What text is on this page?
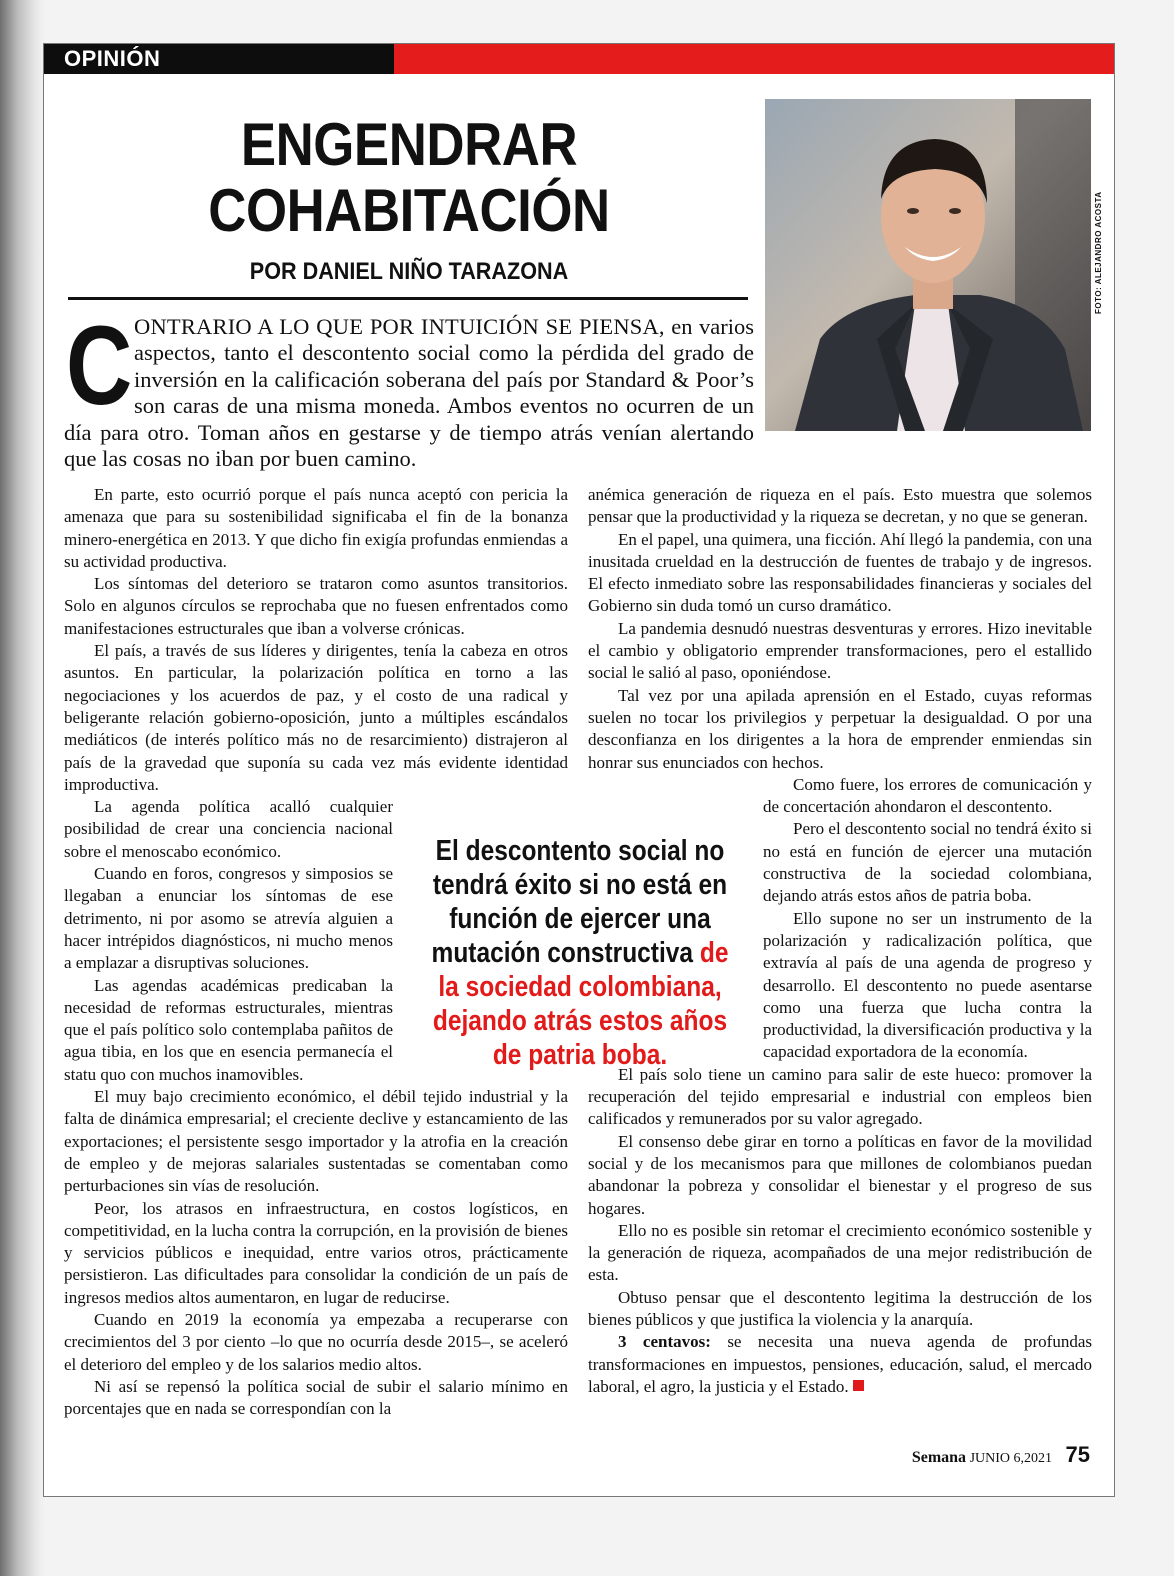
OPINIÓN
ENGENDRAR
COHABITACIÓN
POR DANIEL NIÑO TARAZONA	FOTO: ALEJANDRO ACOSTA
CONTRARIO A LO QUE POR INTUICIÓN SE PIENSA, en varios aspectos, tanto el descontento social como la pérdida del grado de inversión en la calificación soberana del país por Standard & Poor’s son caras de una misma moneda. Ambos eventos no ocurren de un día para otro. Toman años en gestarse y de tiempo atrás venían alertando que las cosas no iban por buen camino.

En parte, esto ocurrió porque el país nunca aceptó con pericia la amenaza que para su sostenibilidad significaba el fin de la bonanza minero-energética en 2013. Y que dicho fin exigía profundas enmiendas a su actividad productiva.

Los síntomas del deterioro se trataron como asuntos transitorios. Solo en algunos círculos se reprochaba que no fuesen enfrentados como manifestaciones estructurales que iban a volverse crónicas.

El país, a través de sus líderes y dirigentes, tenía la cabeza en otros asuntos. En particular, la polarización política en torno a las negociaciones y los acuerdos de paz, y el costo de una radical y beligerante relación gobierno-oposición, junto a múltiples escándalos mediáticos (de interés político más no de resarcimiento) distrajeron al país de la gravedad que suponía su cada vez más evidente identidad improductiva.

La agenda política acalló cualquier posibilidad de crear una conciencia nacional sobre el menoscabo económico.

Cuando en foros, congresos y simposios se llegaban a enunciar los síntomas de ese detrimento, ni por asomo se atrevía alguien a hacer intrépidos diagnósticos, ni mucho menos a emplazar a disruptivas soluciones.

Las agendas académicas predicaban la necesidad de reformas estructurales, mientras que el país político solo contemplaba pañitos de agua tibia, en los que en esencia permanecía el statu quo con muchos inamovibles.

El muy bajo crecimiento económico, el débil tejido industrial y la falta de dinámica empresarial; el creciente declive y estancamiento de las exportaciones; el persistente sesgo importador y la atrofia en la creación de empleo y de mejoras salariales sustentadas se comentaban como perturbaciones sin vías de resolución.

Peor, los atrasos en infraestructura, en costos logísticos, en competitividad, en la lucha contra la corrupción, en la provisión de bienes y servicios públicos e inequidad, entre varios otros, prácticamente persistieron. Las dificultades para consolidar la condición de un país de ingresos medios altos aumentaron, en lugar de reducirse.

Cuando en 2019 la economía ya empezaba a recuperarse con crecimientos del 3 por ciento –lo que no ocurría desde 2015–, se aceleró el deterioro del empleo y de los salarios medio altos.

Ni así se repensó la política social de subir el salario mínimo en porcentajes que en nada se correspondían con la

anémica generación de riqueza en el país. Esto muestra que solemos pensar que la productividad y la riqueza se decretan, y no que se generan.

En el papel, una quimera, una ficción. Ahí llegó la pandemia, con una inusitada crueldad en la destrucción de fuentes de trabajo y de ingresos. El efecto inmediato sobre las responsabilidades financieras y sociales del Gobierno sin duda tomó un curso dramático.

La pandemia desnudó nuestras desventuras y errores. Hizo inevitable el cambio y obligatorio emprender transformaciones, pero el estallido social le salió al paso, oponiéndose.

Tal vez por una apilada aprensión en el Estado, cuyas reformas suelen no tocar los privilegios y perpetuar la desigualdad. O por una desconfianza en los dirigentes a la hora de emprender enmiendas sin honrar sus enunciados con hechos.

Como fuere, los errores de comunicación y de concertación ahondaron el descontento.

Pero el descontento social no tendrá éxito si no está en función de ejercer una mutación constructiva de la sociedad colombiana, dejando atrás estos años de patria boba.

Ello supone no ser un instrumento de la polarización y radicalización política, que extravía al país de una agenda de progreso y desarrollo. El descontento no puede asentarse como una fuerza que lucha contra la productividad, la diversificación productiva y la capacidad exportadora de la economía.

El país solo tiene un camino para salir de este hueco: promover la recuperación del tejido empresarial e industrial con empleos bien calificados y remunerados por su valor agregado.

El consenso debe girar en torno a políticas en favor de la movilidad social y de los mecanismos para que millones de colombianos puedan abandonar la pobreza y consolidar el bienestar y el progreso de sus hogares.

Ello no es posible sin retomar el crecimiento económico sostenible y la generación de riqueza, acompañados de una mejor redistribución de esta.

Obtuso pensar que el descontento legitima la destrucción de los bienes públicos y que justifica la violencia y la anarquía.

3 centavos: se necesita una nueva agenda de profundas transformaciones en impuestos, pensiones, educación, salud, el mercado laboral, el agro, la justicia y el Estado.

El descontento social no tendrá éxito si no está en función de ejercer una mutación constructiva de la sociedad colombiana, dejando atrás estos años de patria boba.
Semana JUNIO 6,2021 75
